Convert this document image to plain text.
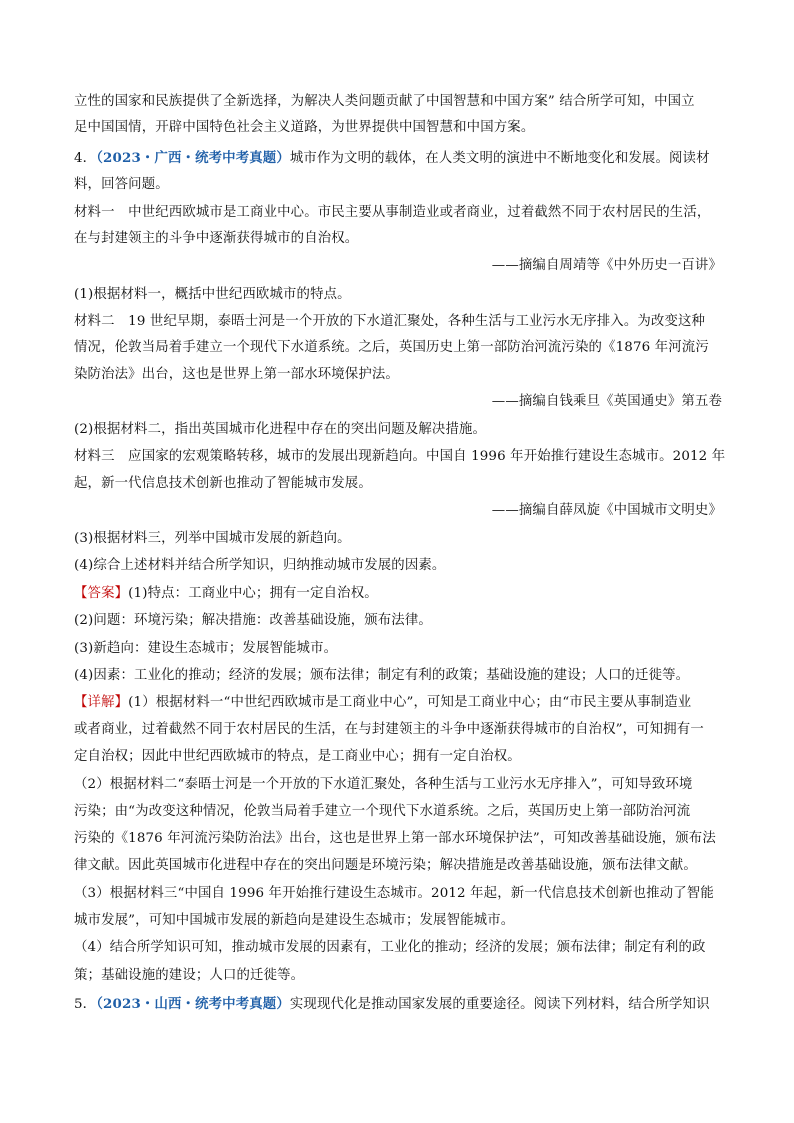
立性的国家和民族提供了全新选择，为解决人类问题贡献了中国智慧和中国方案” 结合所学可知，中国立
足中国国情，开辟中国特色社会主义道路，为世界提供中国智慧和中国方案。
4．（2023・广西・统考中考真题）城市作为文明的载体，在人类文明的演进中不断地变化和发展。阅读材
料，回答问题。
材料一　中世纪西欧城市是工商业中心。市民主要从事制造业或者商业，过着截然不同于农村居民的生活，
在与封建领主的斗争中逐渐获得城市的自治权。
——摘编自周靖等《中外历史一百讲》
(1)根据材料一，概括中世纪西欧城市的特点。
材料二　19 世纪早期，泰晤士河是一个开放的下水道汇聚处，各种生活与工业污水无序排入。为改变这种
情况，伦敦当局着手建立一个现代下水道系统。之后，英国历史上第一部防治河流污染的《1876 年河流污
染防治法》出台，这也是世界上第一部水环境保护法。
——摘编自钱乘旦《英国通史》第五卷
(2)根据材料二，指出英国城市化进程中存在的突出问题及解决措施。
材料三　应国家的宏观策略转移，城市的发展出现新趋向。中国自 1996 年开始推行建设生态城市。2012 年
起，新一代信息技术创新也推动了智能城市发展。
——摘编自薛凤旋《中国城市文明史》
(3)根据材料三，列举中国城市发展的新趋向。
(4)综合上述材料并结合所学知识，归纳推动城市发展的因素。
【答案】(1)特点：工商业中心；拥有一定自治权。
(2)问题：环境污染；解决措施：改善基础设施，颁布法律。
(3)新趋向：建设生态城市；发展智能城市。
(4)因素：工业化的推动；经济的发展；颁布法律；制定有利的政策；基础设施的建设；人口的迁徙等。
【详解】(1）根据材料一“中世纪西欧城市是工商业中心”，可知是工商业中心；由“市民主要从事制造业
或者商业，过着截然不同于农村居民的生活，在与封建领主的斗争中逐渐获得城市的自治权”，可知拥有一
定自治权；因此中世纪西欧城市的特点，是工商业中心；拥有一定自治权。
（2）根据材料二“泰晤士河是一个开放的下水道汇聚处，各种生活与工业污水无序排入”，可知导致环境
污染；由“为改变这种情况，伦敦当局着手建立一个现代下水道系统。之后，英国历史上第一部防治河流
污染的《1876 年河流污染防治法》出台，这也是世界上第一部水环境保护法”，可知改善基础设施，颁布法
律文献。因此英国城市化进程中存在的突出问题是环境污染；解决措施是改善基础设施，颁布法律文献。
（3）根据材料三“中国自 1996 年开始推行建设生态城市。2012 年起，新一代信息技术创新也推动了智能
城市发展”，可知中国城市发展的新趋向是建设生态城市；发展智能城市。
（4）结合所学知识可知，推动城市发展的因素有，工业化的推动；经济的发展；颁布法律；制定有利的政
策；基础设施的建设；人口的迁徙等。
5．（2023・山西・统考中考真题）实现现代化是推动国家发展的重要途径。阅读下列材料，结合所学知识
